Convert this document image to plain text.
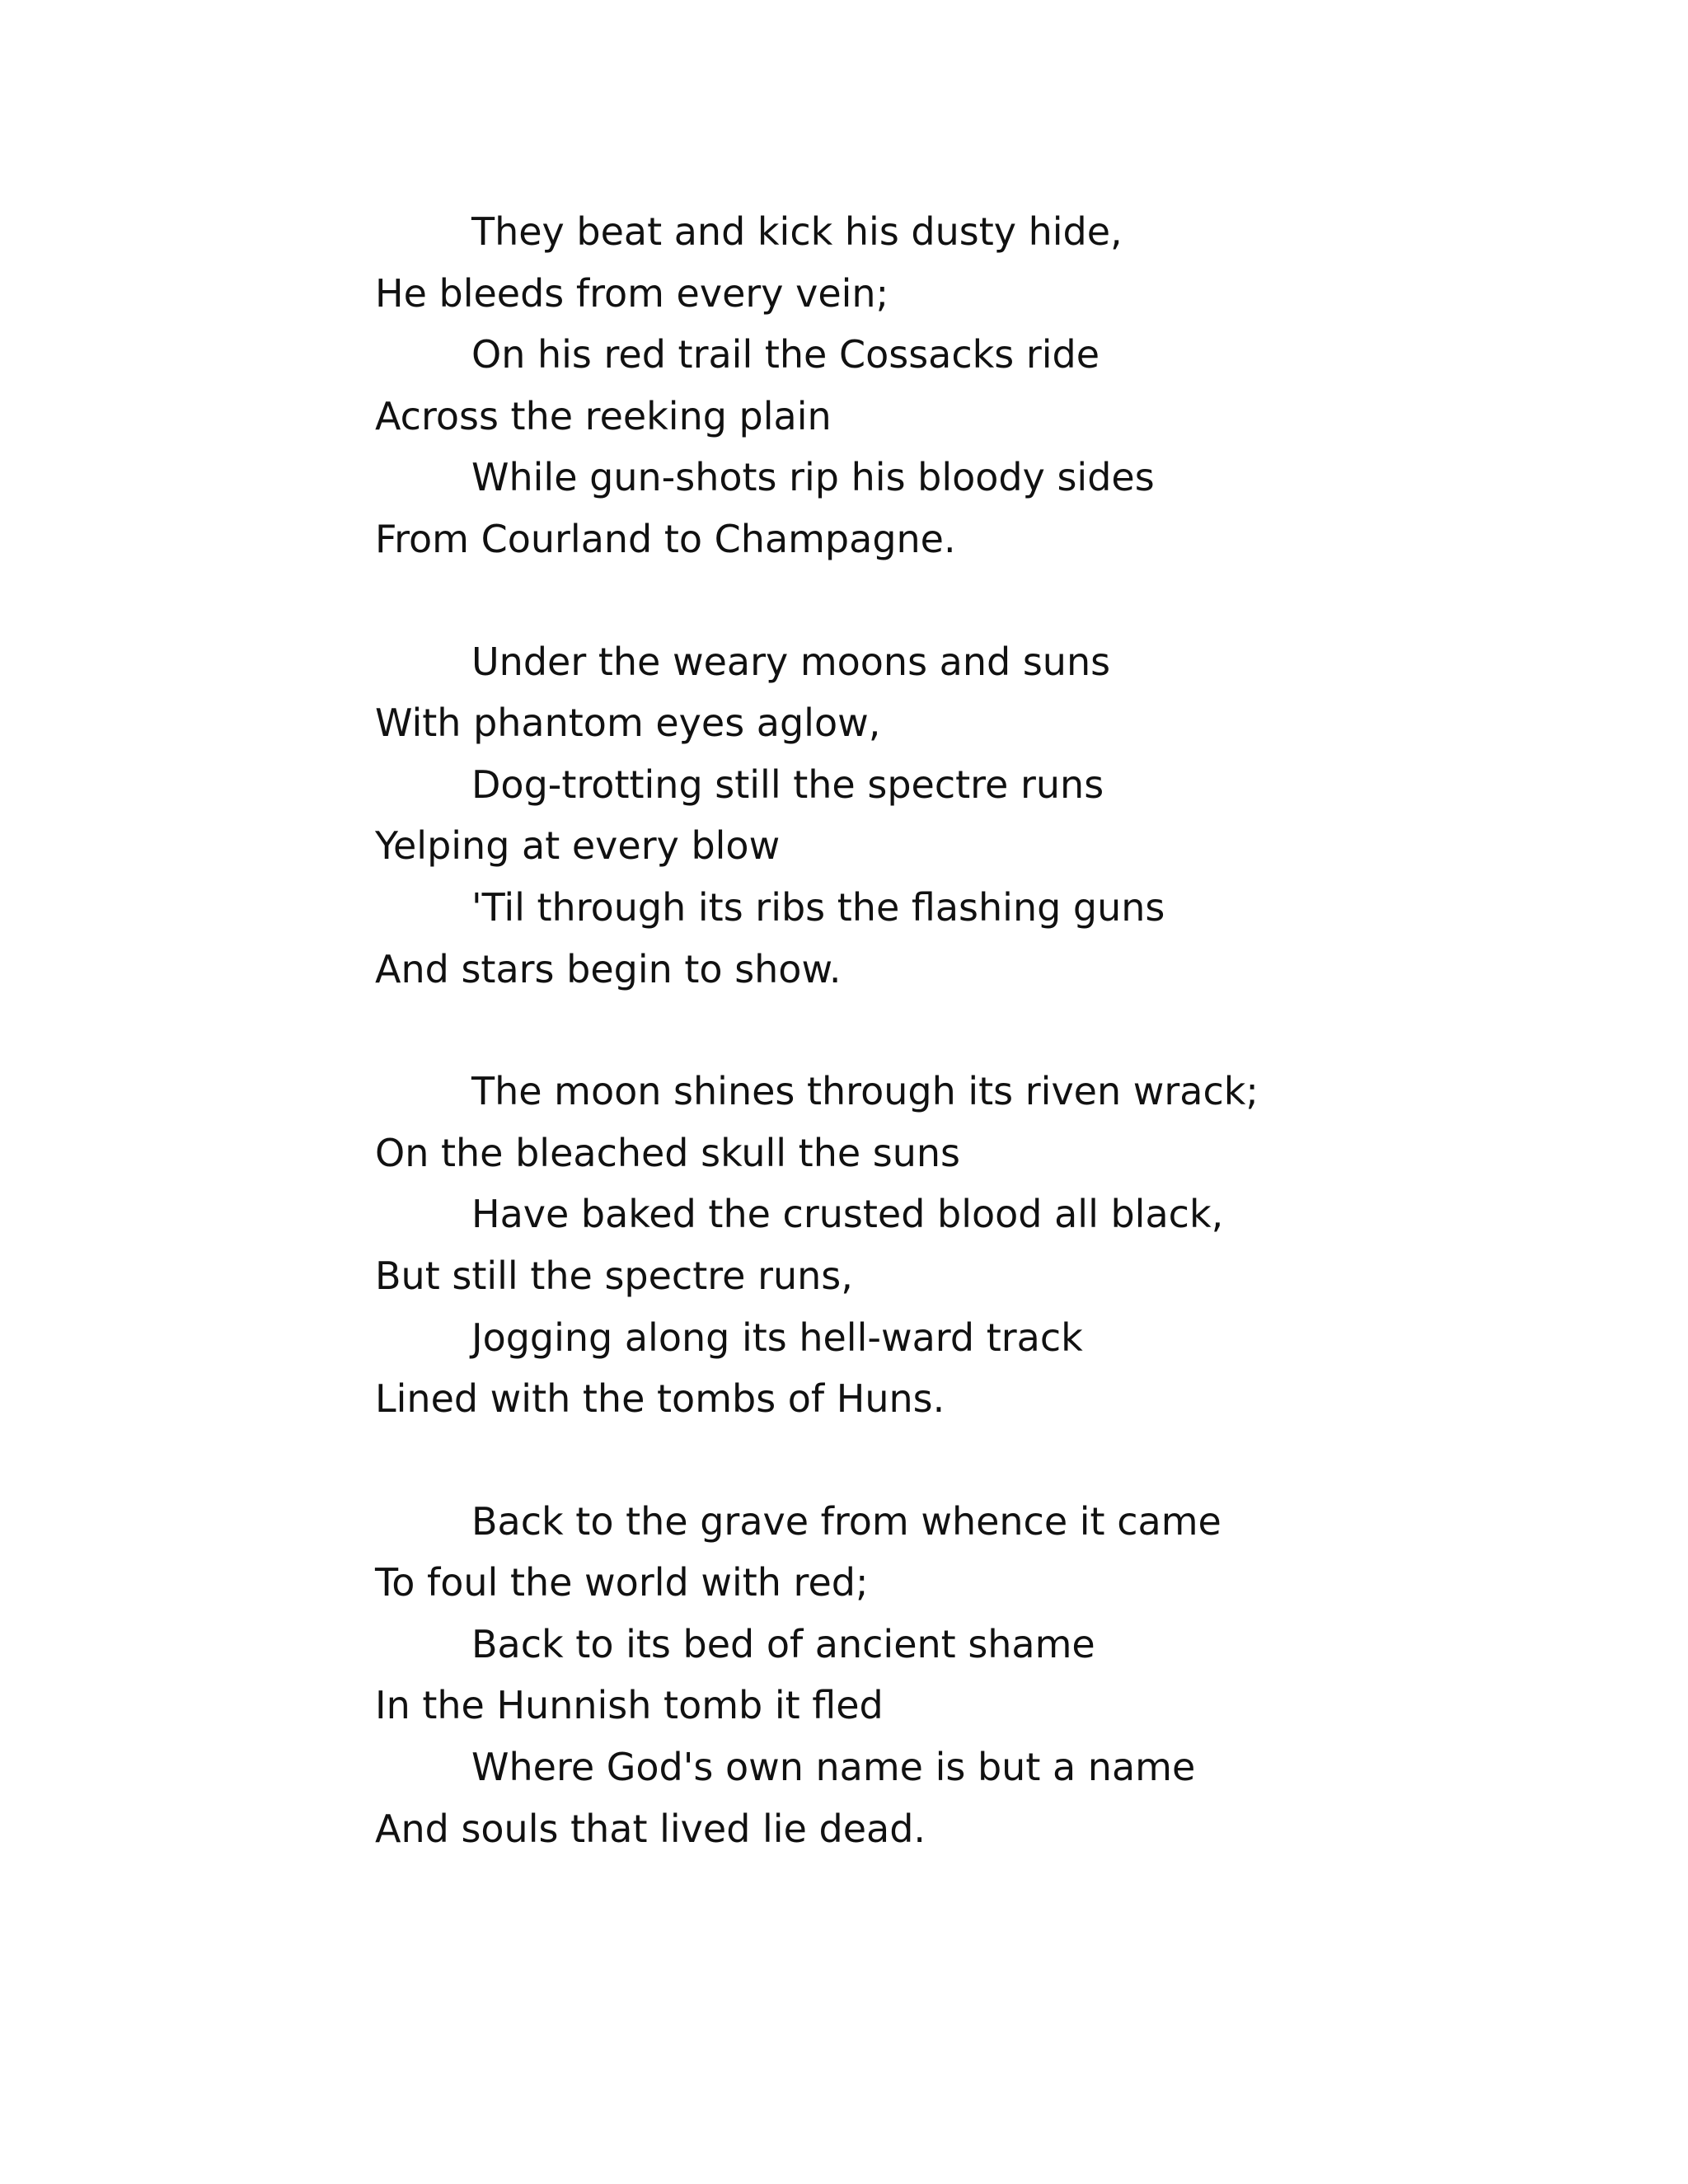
They beat and kick his dusty hide,
He bleeds from every vein;
On his red trail the Cossacks ride
Across the reeking plain
While gun-shots rip his bloody sides
From Courland to Champagne.
Under the weary moons and suns
With phantom eyes aglow,
Dog-trotting still the spectre runs
Yelping at every blow
'Til through its ribs the flashing guns
And stars begin to show.
The moon shines through its riven wrack;
On the bleached skull the suns
Have baked the crusted blood all black,
But still the spectre runs,
Jogging along its hell-ward track
Lined with the tombs of Huns.
Back to the grave from whence it came
To foul the world with red;
Back to its bed of ancient shame
In the Hunnish tomb it fled
Where God's own name is but a name
And souls that lived lie dead.
